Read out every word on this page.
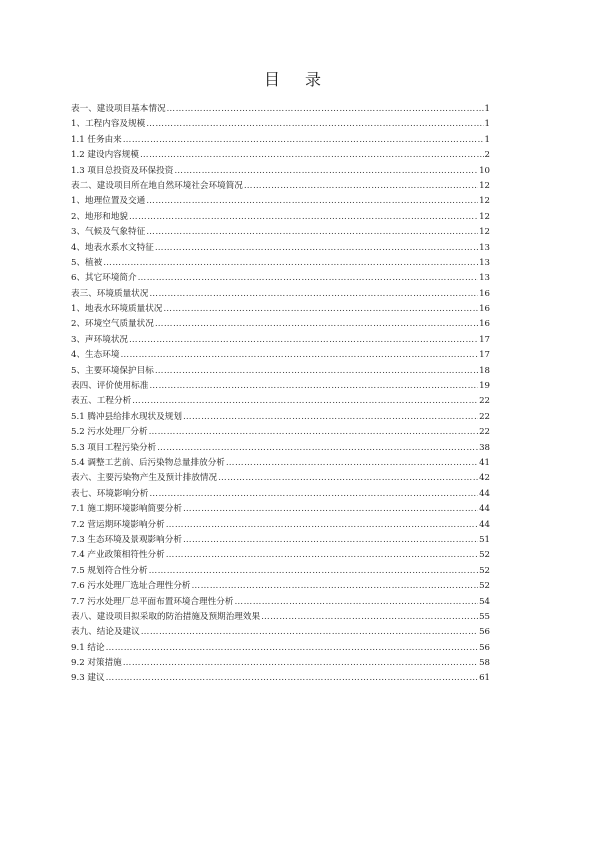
目 录
表一、建设项目基本情况 ……………………………………………………………………………………………………………………………………………………………………………	1
1、工程内容及规模 ……………………………………………………………………………………………………………………………………………………………………………	1
1.1 任务由来 ……………………………………………………………………………………………………………………………………………………………………………	1
1.2 建设内容规模 ……………………………………………………………………………………………………………………………………………………………………………	2
1.3 项目总投资及环保投资 ……………………………………………………………………………………………………………………………………………………………………………	10
表二、建设项目所在地自然环境社会环境简况 ……………………………………………………………………………………………………………………………………………………………………………	12
1、地理位置及交通 ……………………………………………………………………………………………………………………………………………………………………………	12
2、地形和地貌 ……………………………………………………………………………………………………………………………………………………………………………	12
3、气候及气象特征 ……………………………………………………………………………………………………………………………………………………………………………	12
4、地表水系水文特征 ……………………………………………………………………………………………………………………………………………………………………………	13
5、植被 ……………………………………………………………………………………………………………………………………………………………………………	13
6、其它环境简介 ……………………………………………………………………………………………………………………………………………………………………………	13
表三、环境质量状况 ……………………………………………………………………………………………………………………………………………………………………………	16
1、地表水环境质量状况 ……………………………………………………………………………………………………………………………………………………………………………	16
2、环境空气质量状况 ……………………………………………………………………………………………………………………………………………………………………………	16
3、声环境状况 ……………………………………………………………………………………………………………………………………………………………………………	17
4、生态环境 ……………………………………………………………………………………………………………………………………………………………………………	17
5、主要环境保护目标 ……………………………………………………………………………………………………………………………………………………………………………	18
表四、评价使用标准 ……………………………………………………………………………………………………………………………………………………………………………	19
表五、工程分析 ……………………………………………………………………………………………………………………………………………………………………………	22
5.1 腾冲县给排水现状及规划 ……………………………………………………………………………………………………………………………………………………………………………	22
5.2 污水处理厂分析 ……………………………………………………………………………………………………………………………………………………………………………	22
5.3 项目工程污染分析 ……………………………………………………………………………………………………………………………………………………………………………	38
5.4 调整工艺前、后污染物总量排放分析 ……………………………………………………………………………………………………………………………………………………………………………	41
表六、主要污染物产生及预计排放情况 ……………………………………………………………………………………………………………………………………………………………………………	42
表七、环境影响分析 ……………………………………………………………………………………………………………………………………………………………………………	44
7.1 施工期环境影响简要分析 ……………………………………………………………………………………………………………………………………………………………………………	44
7.2 营运期环境影响分析 ……………………………………………………………………………………………………………………………………………………………………………	44
7.3 生态环境及景观影响分析 ……………………………………………………………………………………………………………………………………………………………………………	51
7.4 产业政策相符性分析 ……………………………………………………………………………………………………………………………………………………………………………	52
7.5 规划符合性分析 ……………………………………………………………………………………………………………………………………………………………………………	52
7.6 污水处理厂选址合理性分析 ……………………………………………………………………………………………………………………………………………………………………………	52
7.7 污水处理厂总平面布置环境合理性分析 ……………………………………………………………………………………………………………………………………………………………………………	54
表八、建设项目拟采取的防治措施及预期治理效果 ……………………………………………………………………………………………………………………………………………………………………………	55
表九、结论及建议 ……………………………………………………………………………………………………………………………………………………………………………	56
9.1 结论 ……………………………………………………………………………………………………………………………………………………………………………	56
9.2 对策措施 ……………………………………………………………………………………………………………………………………………………………………………	58
9.3 建议 ……………………………………………………………………………………………………………………………………………………………………………	61
